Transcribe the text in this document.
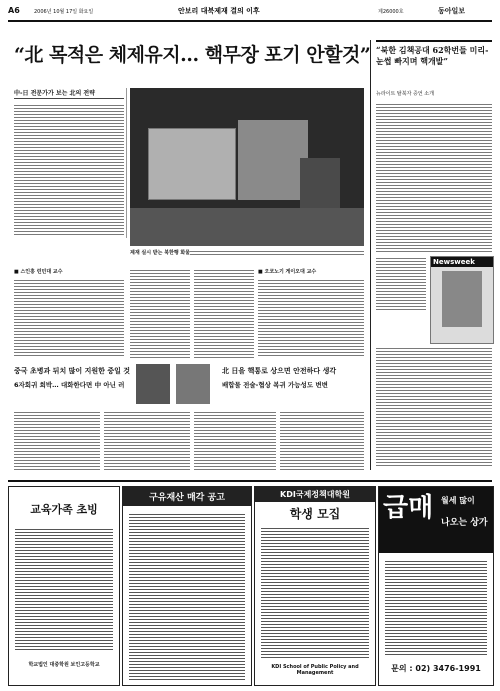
A6	2006년 10월 17일 화요일	안보리 대북제재 결의 이후	제26000호	동아일보
“北 목적은 체제유지… 핵무장 포기 안할것”
中-日 전문가가 보는 北의 전략
제재 실시 받는 북한행 화물
“북한 김책공대 62학번들 미리-눈썹 빠지며 핵개발”
뉴라이트 탈북자 증언 소개
Newsweek
■ 스인훙 런민대 교수	■ 오코노기 게이오대 교수
중국 초병과 뒤치 많이 지원한 중일 것
6자회귀 희박… 대화한다면 中 아닌 러
北 日을 핵통로 상으면 안전하다 생각
배합물 전술-협상 복귀 가능성도 변변
교육가족 초빙
학교법인 대중학원 보인고등학교
구유재산 매각 공고	KDI국제정책대학원
학생 모집
KDI School of Public Policy and Management
급매 월세 많이
나오는 상가
문의 : 02) 3476-1991
